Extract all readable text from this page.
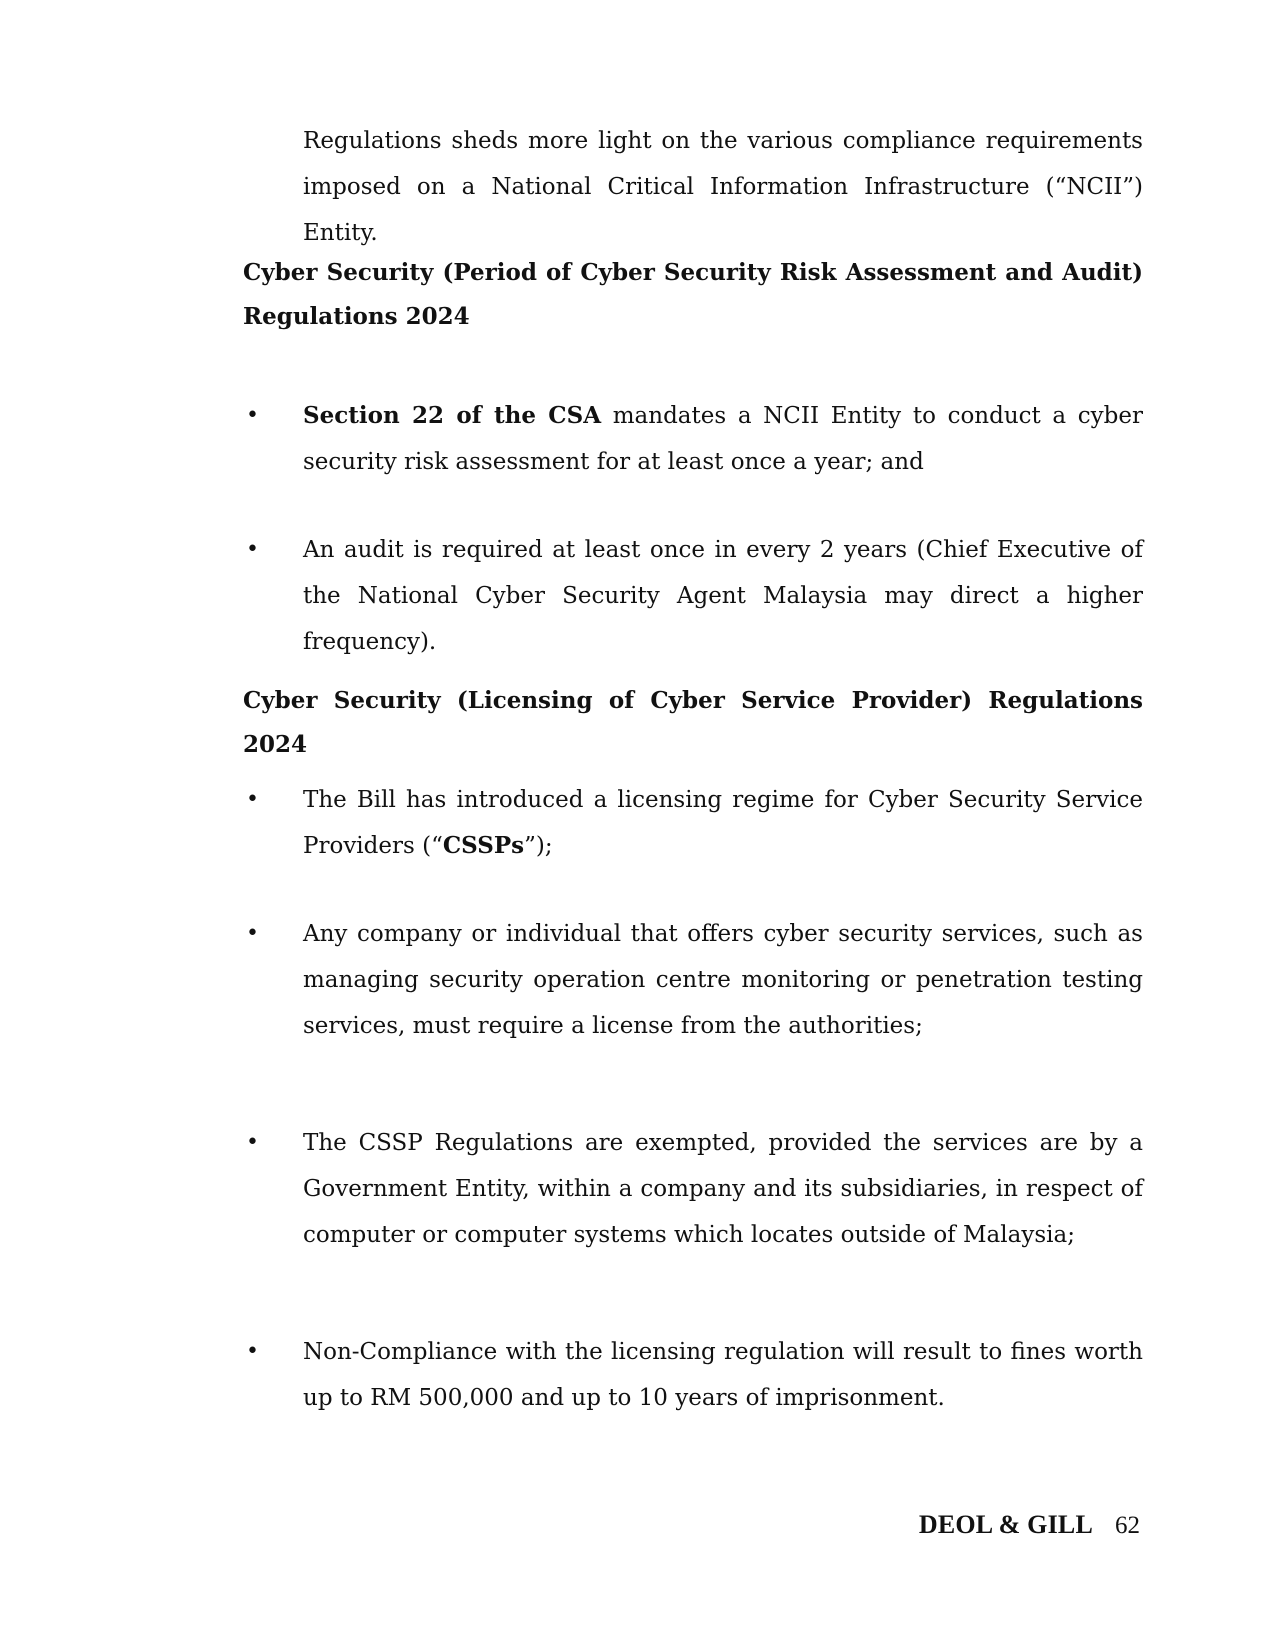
Regulations sheds more light on the various compliance requirements imposed on a National Critical Information Infrastructure (“NCII”) Entity.
Cyber Security (Period of Cyber Security Risk Assessment and Audit) Regulations 2024
•	Section 22 of the CSA mandates a NCII Entity to conduct a cyber security risk assessment for at least once a year; and
•	An audit is required at least once in every 2 years (Chief Executive of the National Cyber Security Agent Malaysia may direct a higher frequency).
Cyber Security (Licensing of Cyber Service Provider) Regulations 2024
•	The Bill has introduced a licensing regime for Cyber Security Service Providers (“CSSPs”);
•	Any company or individual that offers cyber security services, such as managing security operation centre monitoring or penetration testing services, must require a license from the authorities;
•	The CSSP Regulations are exempted, provided the services are by a Government Entity, within a company and its subsidiaries, in respect of computer or computer systems which locates outside of Malaysia;
•	Non-Compliance with the licensing regulation will result to fines worth up to RM 500,000 and up to 10 years of imprisonment.
DEOL & GILL 62
